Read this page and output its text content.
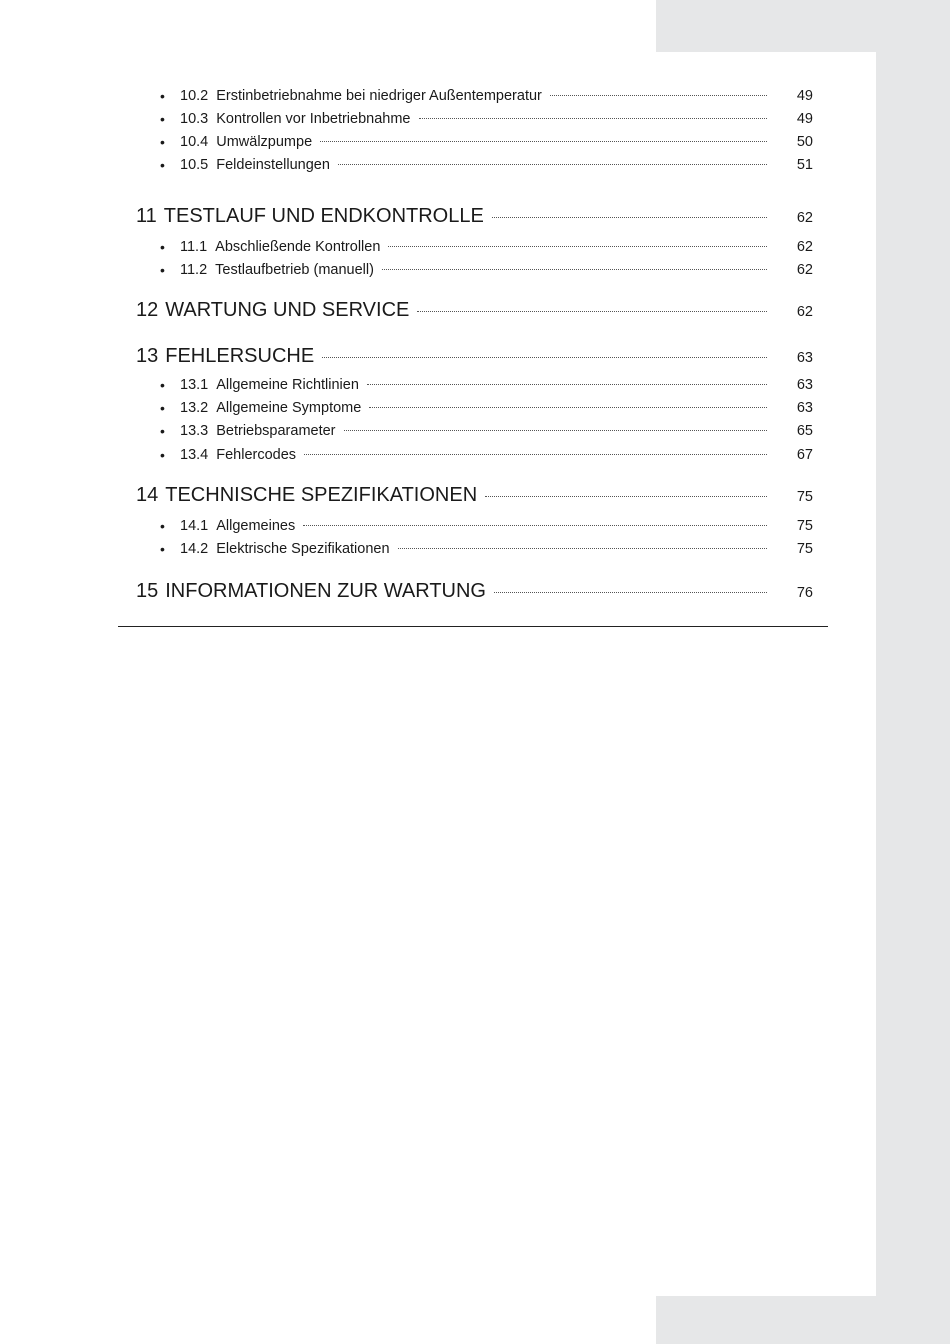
• 10.2 Erstinbetriebnahme bei niedriger Außentemperatur	49
• 10.3 Kontrollen vor Inbetriebnahme	49
• 10.4 Umwälzpumpe	50
• 10.5 Feldeinstellungen	51
11 TESTLAUF UND ENDKONTROLLE	62
• 11.1 Abschließende Kontrollen	62
• 11.2 Testlaufbetrieb (manuell)	62
12 WARTUNG UND SERVICE	62
13 FEHLERSUCHE	63
• 13.1 Allgemeine Richtlinien	63
• 13.2 Allgemeine Symptome	63
• 13.3 Betriebsparameter	65
• 13.4 Fehlercodes	67
14 TECHNISCHE SPEZIFIKATIONEN	75
• 14.1 Allgemeines	75
• 14.2 Elektrische Spezifikationen	75
15 INFORMATIONEN ZUR WARTUNG	76
